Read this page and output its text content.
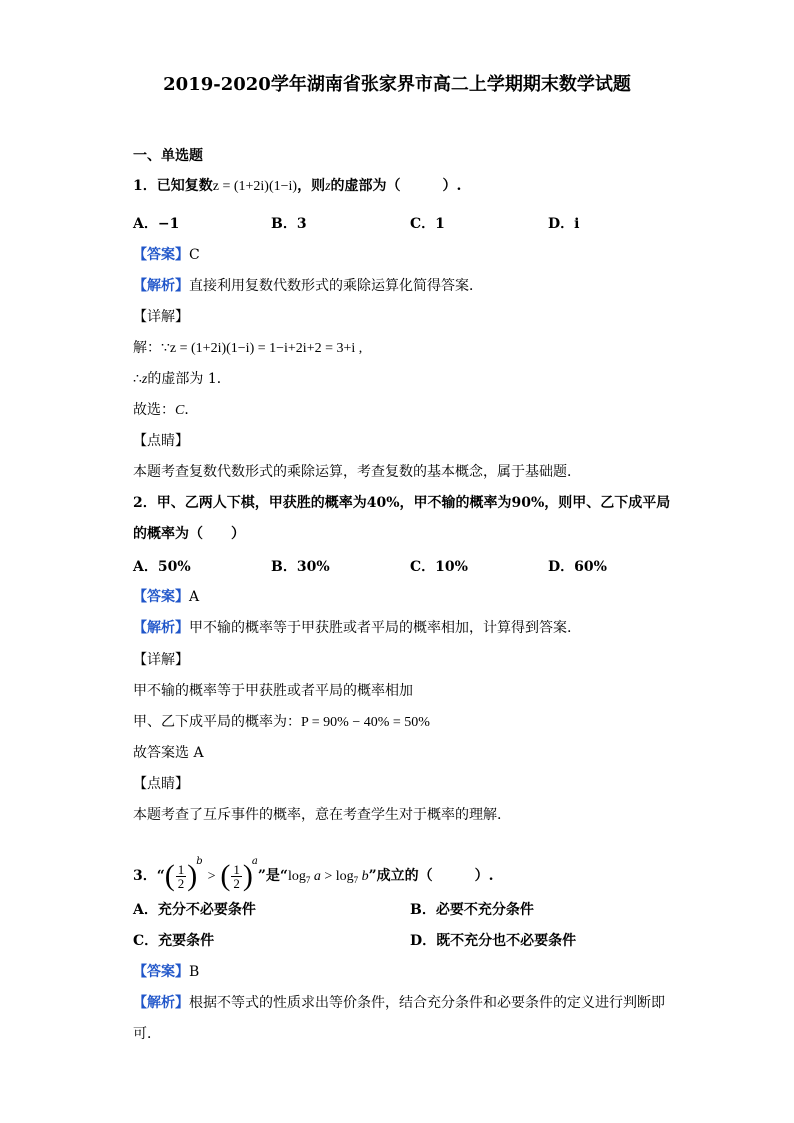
2019-2020学年湖南省张家界市高二上学期期末数学试题
一、单选题
1．已知复数z = (1+2i)(1−i)，则z的虚部为（　　　）.
A．−1	B．3	C．1	D．i
【答案】C
【解析】直接利用复数代数形式的乘除运算化简得答案．
【详解】
解：∵z = (1+2i)(1−i) = 1−i+2i+2 = 3+i ,
∴z的虚部为 1．
故选：C．
【点睛】
本题考查复数代数形式的乘除运算，考查复数的基本概念，属于基础题．
2．甲、乙两人下棋，甲获胜的概率为40%，甲不输的概率为90%，则甲、乙下成平局
的概率为（　　）
A．50%	B．30%	C．10%	D．60%
【答案】A
【解析】甲不输的概率等于甲获胜或者平局的概率相加，计算得到答案.
【详解】
甲不输的概率等于甲获胜或者平局的概率相加
甲、乙下成平局的概率为：P = 90% − 40% = 50%
故答案选 A
【点睛】
本题考查了互斥事件的概率，意在考查学生对于概率的理解.
3．“( $\frac{1}{2} )^b$ > ( $\frac{1}{2} )^a$”是“$\log_7$ $a > \log_7 b$”成立的（　　　）.
A．充分不必要条件	B．必要不充分条件
C．充要条件	D．既不充分也不必要条件
【答案】B
【解析】根据不等式的性质求出等价条件，结合充分条件和必要条件的定义进行判断即
可．
